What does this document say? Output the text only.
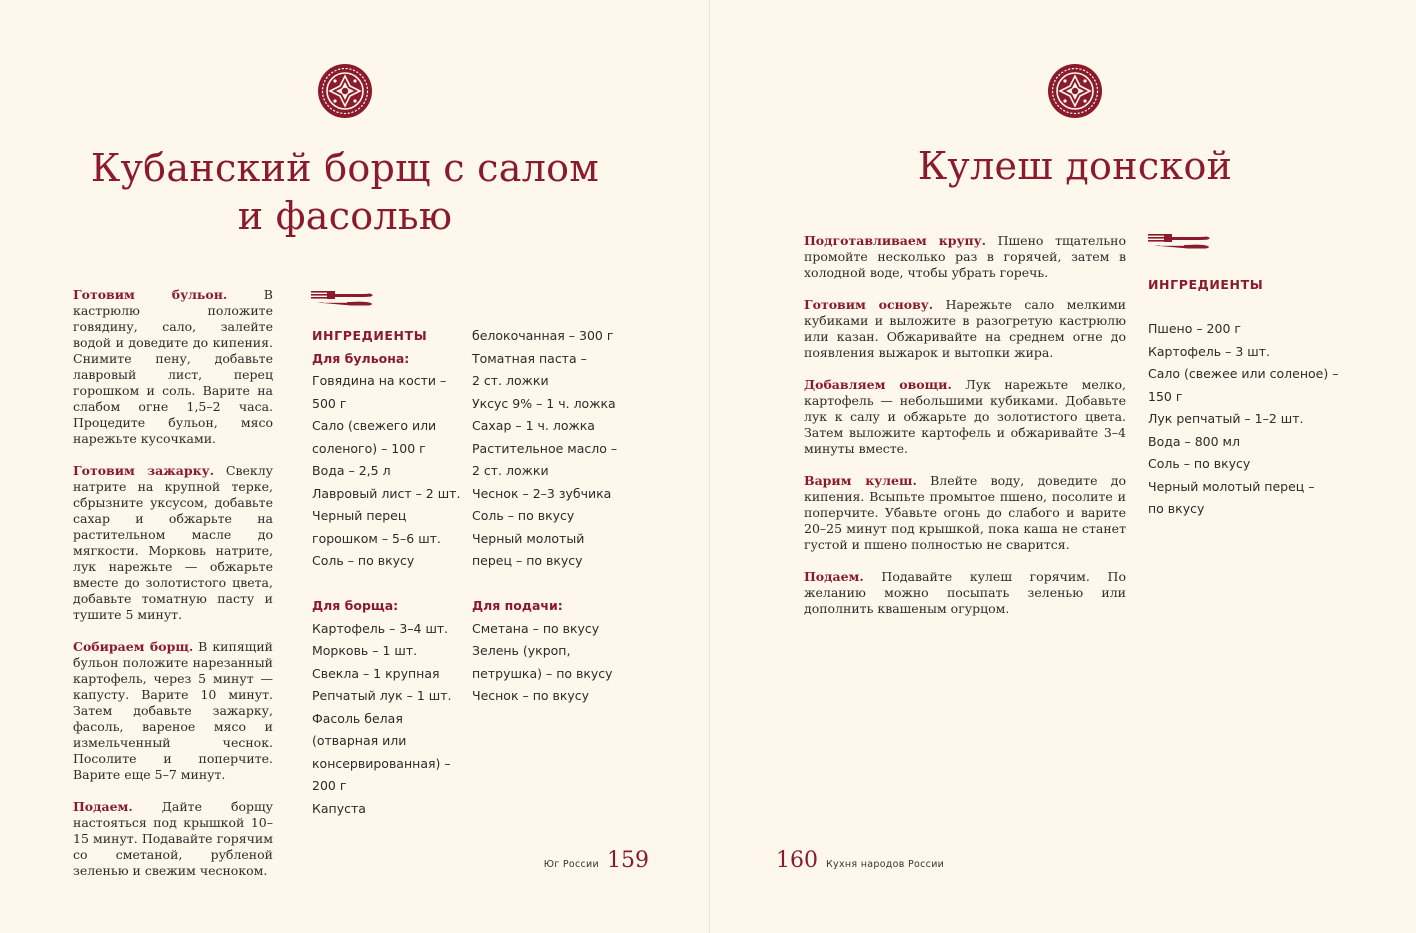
Кубанский борщ с салом
и фасолью

Готовим бульон. В кастрюлю положите говядину, сало, залейте водой и доведите до кипения. Снимите пену, добавьте лавровый лист, перец горошком и соль. Варите на слабом огне 1,5–2 часа. Процедите бульон, мясо нарежьте кусочками.

Готовим зажарку. Свеклу натрите на крупной терке, сбрызните уксусом, добавьте сахар и обжарьте на растительном масле до мягкости. Морковь натрите, лук нарежьте — обжарьте вместе до золотистого цвета, добавьте томатную пасту и тушите 5 минут.

Собираем борщ. В кипящий бульон положите нарезанный картофель, через 5 минут — капусту. Варите 10 минут. Затем добавьте зажарку, фасоль, вареное мясо и измельченный чеснок. Посолите и поперчите. Варите еще 5–7 минут.

Подаем. Дайте борщу настояться под крышкой 10–15 минут. Подавайте горячим со сметаной, рубленой зеленью и свежим чесноком.

ИНГРЕДИЕНТЫ
Для бульона:
Говядина на кости –
500 г
Сало (свежего или
соленого) – 100 г
Вода – 2,5 л
Лавровый лист – 2 шт.
Черный перец
горошком – 5–6 шт.
Соль – по вкусу
Для борща:
Картофель – 3–4 шт.
Морковь – 1 шт.
Свекла – 1 крупная
Репчатый лук – 1 шт.
Фасоль белая
(отварная или
консервированная) –
200 г
Капуста
белокочанная – 300 г
Томатная паста –
2 ст. ложки
Уксус 9% – 1 ч. ложка
Сахар – 1 ч. ложка
Растительное масло –
2 ст. ложки
Чеснок – 2–3 зубчика
Соль – по вкусу
Черный молотый
перец – по вкусу
Для подачи:
Сметана – по вкусу
Зелень (укроп,
петрушка) – по вкусу
Чеснок – по вкусу
Юг России 159
Кулеш донской

Подготавливаем крупу. Пшено тщательно промойте несколько раз в горячей, затем в холодной воде, чтобы убрать горечь.

Готовим основу. Нарежьте сало мелкими кубиками и выложите в разогретую кастрюлю или казан. Обжаривайте на среднем огне до появления выжарок и вытопки жира.

Добавляем овощи. Лук нарежьте мелко, картофель — небольшими кубиками. Добавьте лук к салу и обжарьте до золотистого цвета. Затем выложите картофель и обжаривайте 3–4 минуты вместе.

Варим кулеш. Влейте воду, доведите до кипения. Всыпьте промытое пшено, посолите и поперчите. Убавьте огонь до слабого и варите 20–25 минут под крышкой, пока каша не станет густой и пшено полностью не сварится.

Подаем. Подавайте кулеш горячим. По желанию можно посыпать зеленью или дополнить квашеным огурцом.

ИНГРЕДИЕНТЫ
Пшено – 200 г
Картофель – 3 шт.
Сало (свежее или соленое) –
150 г
Лук репчатый – 1–2 шт.
Вода – 800 мл
Соль – по вкусу
Черный молотый перец –
по вкусу
160 Кухня народов России
